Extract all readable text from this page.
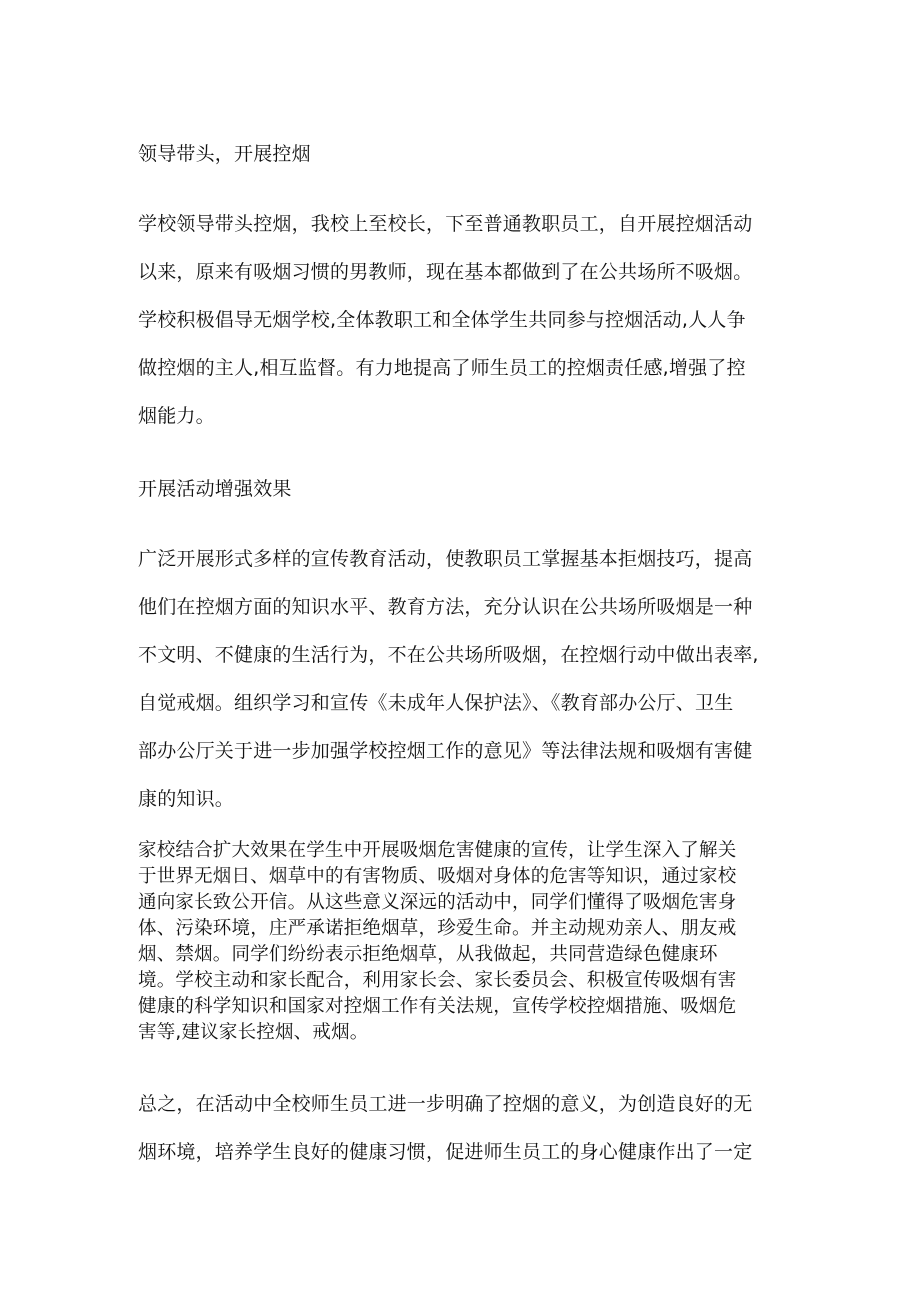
领导带头，开展控烟
学校领导带头控烟，我校上至校长，下至普通教职员工，自开展控烟活动
以来，原来有吸烟习惯的男教师，现在基本都做到了在公共场所不吸烟。
学校积极倡导无烟学校,全体教职工和全体学生共同参与控烟活动,人人争
做控烟的主人,相互监督。有力地提高了师生员工的控烟责任感,增强了控
烟能力。
开展活动增强效果
广泛开展形式多样的宣传教育活动，使教职员工掌握基本拒烟技巧，提高
他们在控烟方面的知识水平、教育方法，充分认识在公共场所吸烟是一种
不文明、不健康的生活行为，不在公共场所吸烟，在控烟行动中做出表率,
自觉戒烟。组织学习和宣传《未成年人保护法》、《教育部办公厅、卫生
部办公厅关于进一步加强学校控烟工作的意见》等法律法规和吸烟有害健
康的知识。
家校结合扩大效果在学生中开展吸烟危害健康的宣传，让学生深入了解关
于世界无烟日、烟草中的有害物质、吸烟对身体的危害等知识，通过家校
通向家长致公开信。从这些意义深远的活动中，同学们懂得了吸烟危害身
体、污染环境，庄严承诺拒绝烟草，珍爱生命。并主动规劝亲人、朋友戒
烟、禁烟。同学们纷纷表示拒绝烟草，从我做起，共同营造绿色健康环
境。学校主动和家长配合，利用家长会、家长委员会、积极宣传吸烟有害
健康的科学知识和国家对控烟工作有关法规，宣传学校控烟措施、吸烟危
害等,建议家长控烟、戒烟。
总之，在活动中全校师生员工进一步明确了控烟的意义，为创造良好的无
烟环境，培养学生良好的健康习惯，促进师生员工的身心健康作出了一定
